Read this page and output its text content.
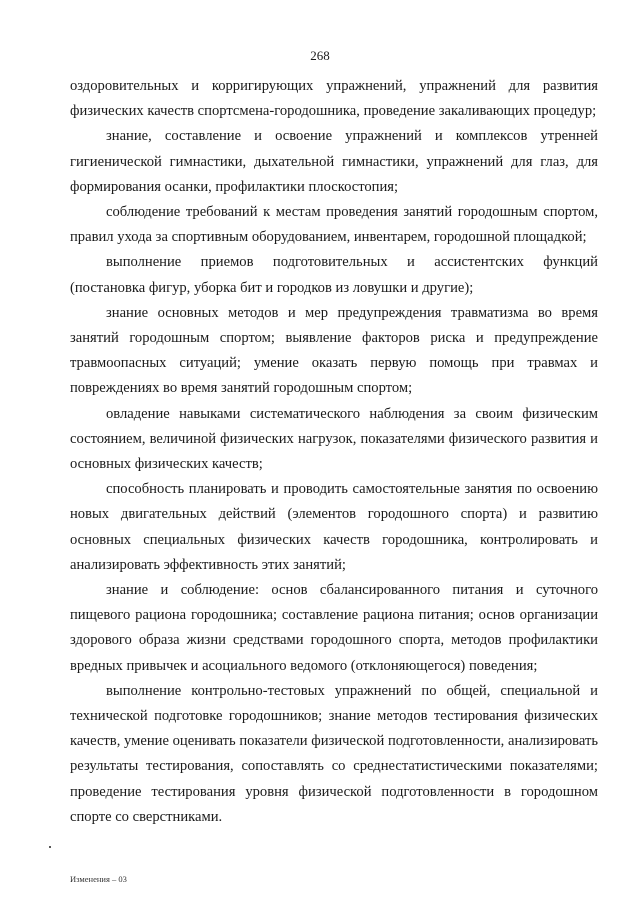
268

оздоровительных и корригирующих упражнений, упражнений для развития физических качеств спортсмена-городошника, проведение закаливающих процедур;

знание, составление и освоение упражнений и комплексов утренней гигиенической гимнастики, дыхательной гимнастики, упражнений для глаз, для формирования осанки, профилактики плоскостопия;

соблюдение требований к местам проведения занятий городошным спортом, правил ухода за спортивным оборудованием, инвентарем, городошной площадкой;

выполнение приемов подготовительных и ассистентских функций (постановка фигур, уборка бит и городков из ловушки и другие);

знание основных методов и мер предупреждения травматизма во время занятий городошным спортом; выявление факторов риска и предупреждение травмоопасных ситуаций; умение оказать первую помощь при травмах и повреждениях во время занятий городошным спортом;

овладение навыками систематического наблюдения за своим физическим состоянием, величиной физических нагрузок, показателями физического развития и основных физических качеств;

способность планировать и проводить самостоятельные занятия по освоению новых двигательных действий (элементов городошного спорта) и развитию основных специальных физических качеств городошника, контролировать и анализировать эффективность этих занятий;

знание и соблюдение: основ сбалансированного питания и суточного пищевого рациона городошника; составление рациона питания; основ организации здорового образа жизни средствами городошного спорта, методов профилактики вредных привычек и асоциального ведомого (отклоняющегося) поведения;

выполнение контрольно-тестовых упражнений по общей, специальной и технической подготовке городошников; знание методов тестирования физических качеств, умение оценивать показатели физической подготовленности, анализировать результаты тестирования, сопоставлять со среднестатистическими показателями; проведение тестирования уровня физической подготовленности в городошном спорте со сверстниками.

Изменения – 03
